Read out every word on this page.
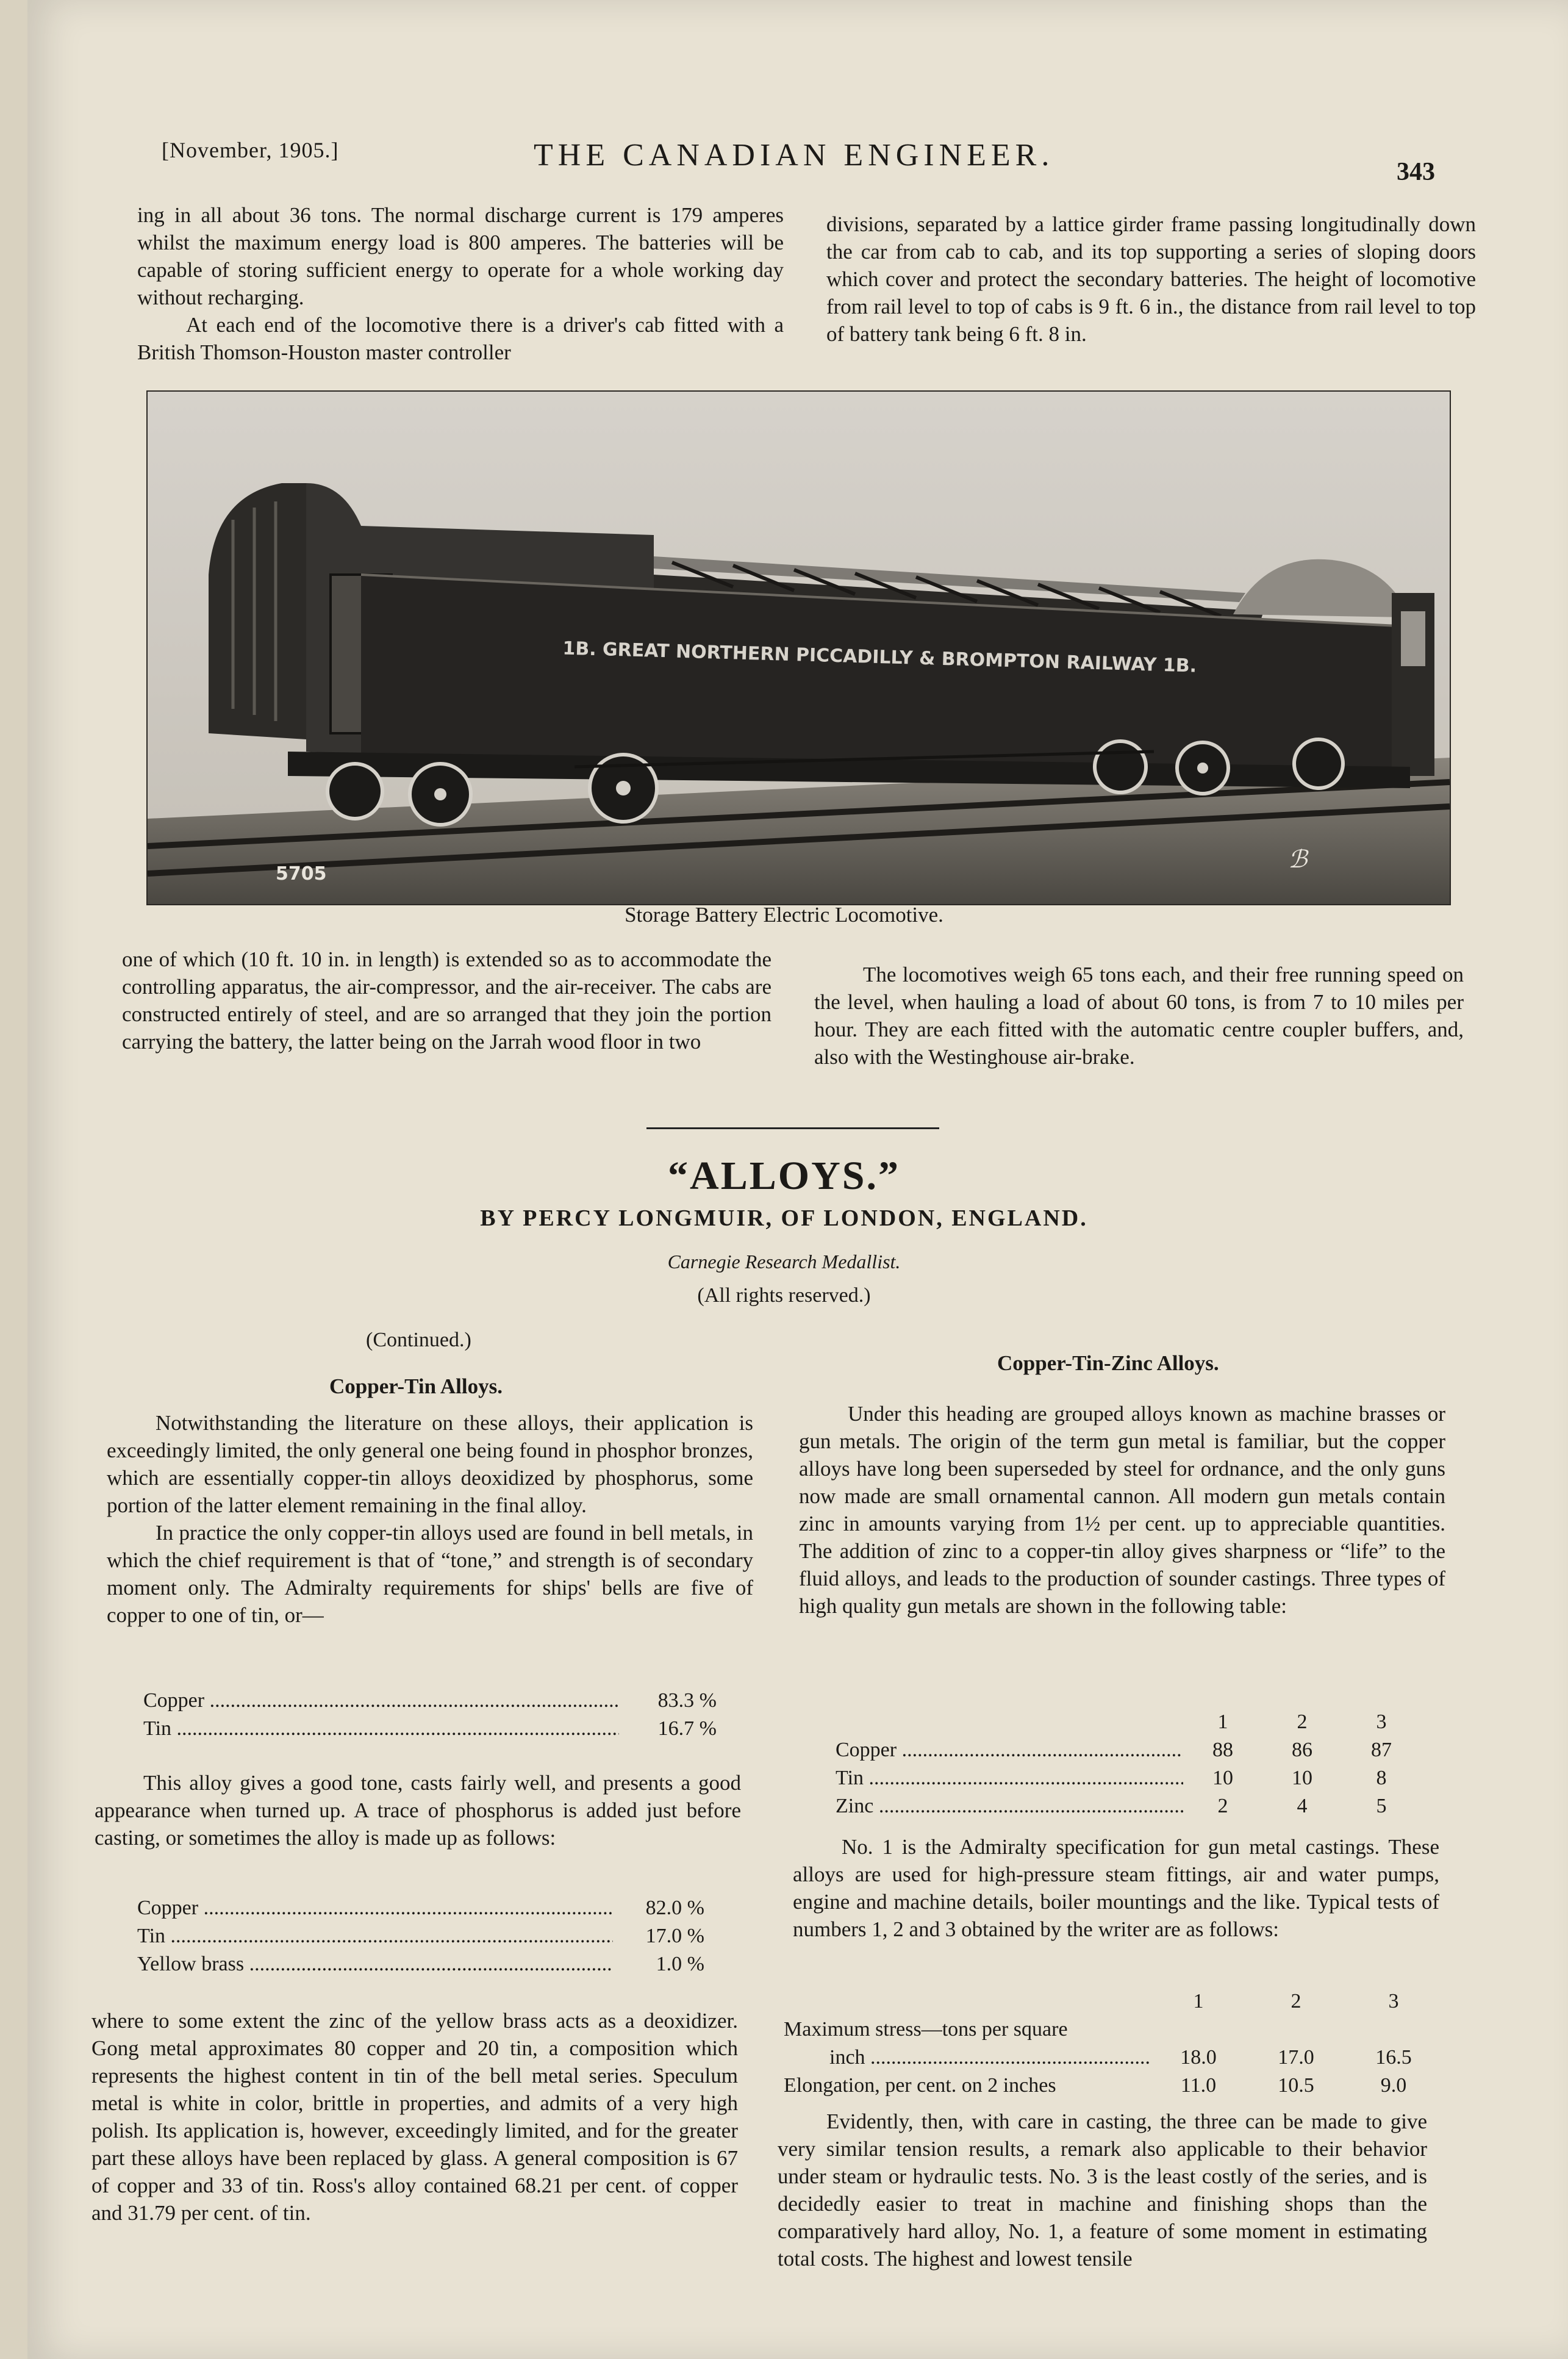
[November, 1905.]	THE CANADIAN ENGINEER.	343

ing in all about 36 tons. The normal discharge current is 179 amperes whilst the maximum energy load is 800 amperes. The batteries will be capable of storing sufficient energy to operate for a whole working day without recharging.

At each end of the locomotive there is a driver's cab fitted with a British Thomson-Houston master controller

divisions, separated by a lattice girder frame passing longitudinally down the car from cab to cab, and its top supporting a series of sloping doors which cover and protect the secondary batteries. The height of locomotive from rail level to top of cabs is 9 ft. 6 in., the distance from rail level to top of battery tank being 6 ft. 8 in.

1B. GREAT NORTHERN PICCADILLY & BROMPTON RAILWAY 1B.
5705
ℬ
Storage Battery Electric Locomotive.

one of which (10 ft. 10 in. in length) is extended so as to accommodate the controlling apparatus, the air-compressor, and the air-receiver. The cabs are constructed entirely of steel, and are so arranged that they join the portion carrying the battery, the latter being on the Jarrah wood floor in two

The locomotives weigh 65 tons each, and their free running speed on the level, when hauling a load of about 60 tons, is from 7 to 10 miles per hour. They are each fitted with the automatic centre coupler buffers, and, also with the Westinghouse air-brake.

“ALLOYS.”
BY PERCY LONGMUIR, OF LONDON, ENGLAND.
Carnegie Research Medallist.
(All rights reserved.)
(Continued.)
Copper-Tin Alloys.
Copper-Tin-Zinc Alloys.

Notwithstanding the literature on these alloys, their application is exceedingly limited, the only general one being found in phosphor bronzes, which are essentially copper-tin alloys deoxidized by phosphorus, some portion of the latter element remaining in the final alloy.

In practice the only copper-tin alloys used are found in bell metals, in which the chief requirement is that of “tone,” and strength is of secondary moment only. The Admiralty requirements for ships' bells are five of copper to one of tin, or—

Copper .....	83.3 %
Tin .....	16.7 %

This alloy gives a good tone, casts fairly well, and presents a good appearance when turned up. A trace of phosphorus is added just before casting, or sometimes the alloy is made up as follows:

Copper .....	82.0 %
Tin .....	17.0 %
Yellow brass .....	1.0 %

where to some extent the zinc of the yellow brass acts as a deoxidizer. Gong metal approximates 80 copper and 20 tin, a composition which represents the highest content in tin of the bell metal series. Speculum metal is white in color, brittle in properties, and admits of a very high polish. Its application is, however, exceedingly limited, and for the greater part these alloys have been replaced by glass. A general composition is 67 of copper and 33 of tin. Ross's alloy contained 68.21 per cent. of copper and 31.79 per cent. of tin.

Under this heading are grouped alloys known as machine brasses or gun metals. The origin of the term gun metal is familiar, but the copper alloys have long been superseded by steel for ordnance, and the only guns now made are small ornamental cannon. All modern gun metals contain zinc in amounts varying from 1½ per cent. up to appreciable quantities. The addition of zinc to a copper-tin alloy gives sharpness or “life” to the fluid alloys, and leads to the production of sounder castings. Three types of high quality gun metals are shown in the following table:

1	2	3
Copper .....	88	86	87
Tin .....	10	10	8
Zinc .....	2	4	5

No. 1 is the Admiralty specification for gun metal castings. These alloys are used for high-pressure steam fittings, air and water pumps, engine and machine details, boiler mountings and the like. Typical tests of numbers 1, 2 and 3 obtained by the writer are as follows:

1	2	3
Maximum stress—tons per square
inch .....	18.0	17.0	16.5
Elongation, per cent. on 2 inches	11.0	10.5	9.0

Evidently, then, with care in casting, the three can be made to give very similar tension results, a remark also applicable to their behavior under steam or hydraulic tests. No. 3 is the least costly of the series, and is decidedly easier to treat in machine and finishing shops than the comparatively hard alloy, No. 1, a feature of some moment in estimating total costs. The highest and lowest tensile
